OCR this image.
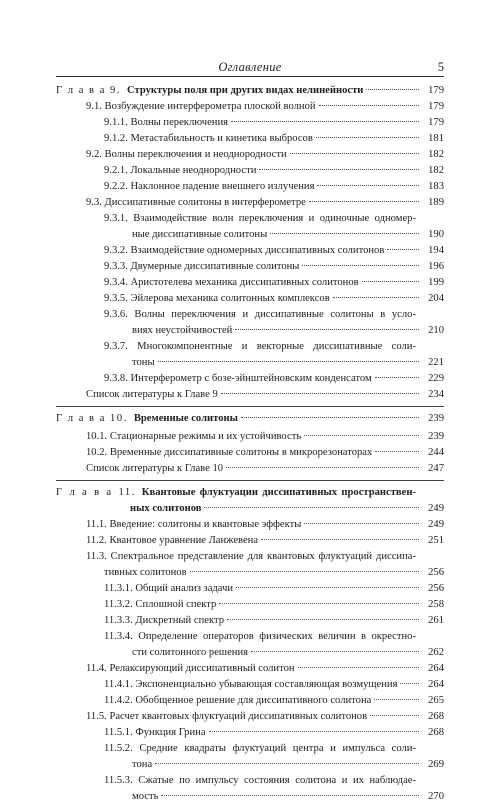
Оглавление	5
Г л а в а 9. Структуры поля при других видах нелинейности	179
9.1. Возбуждение интерферометра плоской волной	179
9.1.1. Волны переключения	179
9.1.2. Метастабильность и кинетика выбросов	181
9.2. Волны переключения и неоднородности	182
9.2.1. Локальные неоднородности	182
9.2.2. Наклонное падение внешнего излучения	183
9.3. Диссипативные солитоны в интерферометре	189
9.3.1. Взаимодействие волн переключения и одиночные одномер-
ные диссипативные солитоны	190
9.3.2. Взаимодействие одномерных диссипативных солитонов	194
9.3.3. Двумерные диссипативные солитоны	196
9.3.4. Аристотелева механика диссипативных солитонов	199
9.3.5. Эйлерова механика солитонных комплексов	204
9.3.6. Волны переключения и диссипативные солитоны в усло-
виях неустойчивостей	210
9.3.7. Многокомпонентные и векторные диссипативные соли-
тоны	221
9.3.8. Интерферометр с бозе-эйнштейновским конденсатом	229
Список литературы к Главе 9	234
Г л а в а 10. Временные солитоны	239
10.1. Стационарные режимы и их устойчивость	239
10.2. Временные диссипативные солитоны в микрорезонаторах	244
Список литературы к Главе 10	247
Г л а в а 11. Квантовые флуктуации диссипативных пространствен-
ных солитонов	249
11.1. Введение: солитоны и квантовые эффекты	249
11.2. Квантовое уравнение Ланжевена	251
11.3. Спектральное представление для квантовых флуктуаций диссипа-
тивных солитонов	256
11.3.1. Общий анализ задачи	256
11.3.2. Сплошной спектр	258
11.3.3. Дискретный спектр	261
11.3.4. Определение операторов физических величин в окрестно-
сти солитонного решения	262
11.4. Релаксирующий диссипативный солитон	264
11.4.1. Экспоненциально убывающая составляющая возмущения	264
11.4.2. Обобщенное решение для диссипативного солитона	265
11.5. Расчет квантовых флуктуаций диссипативных солитонов	268
11.5.1. Функция Грина	268
11.5.2. Средние квадраты флуктуаций центра и импульса соли-
тона	269
11.5.3. Сжатые по импульсу состояния солитона и их наблюдае-
мость	270
